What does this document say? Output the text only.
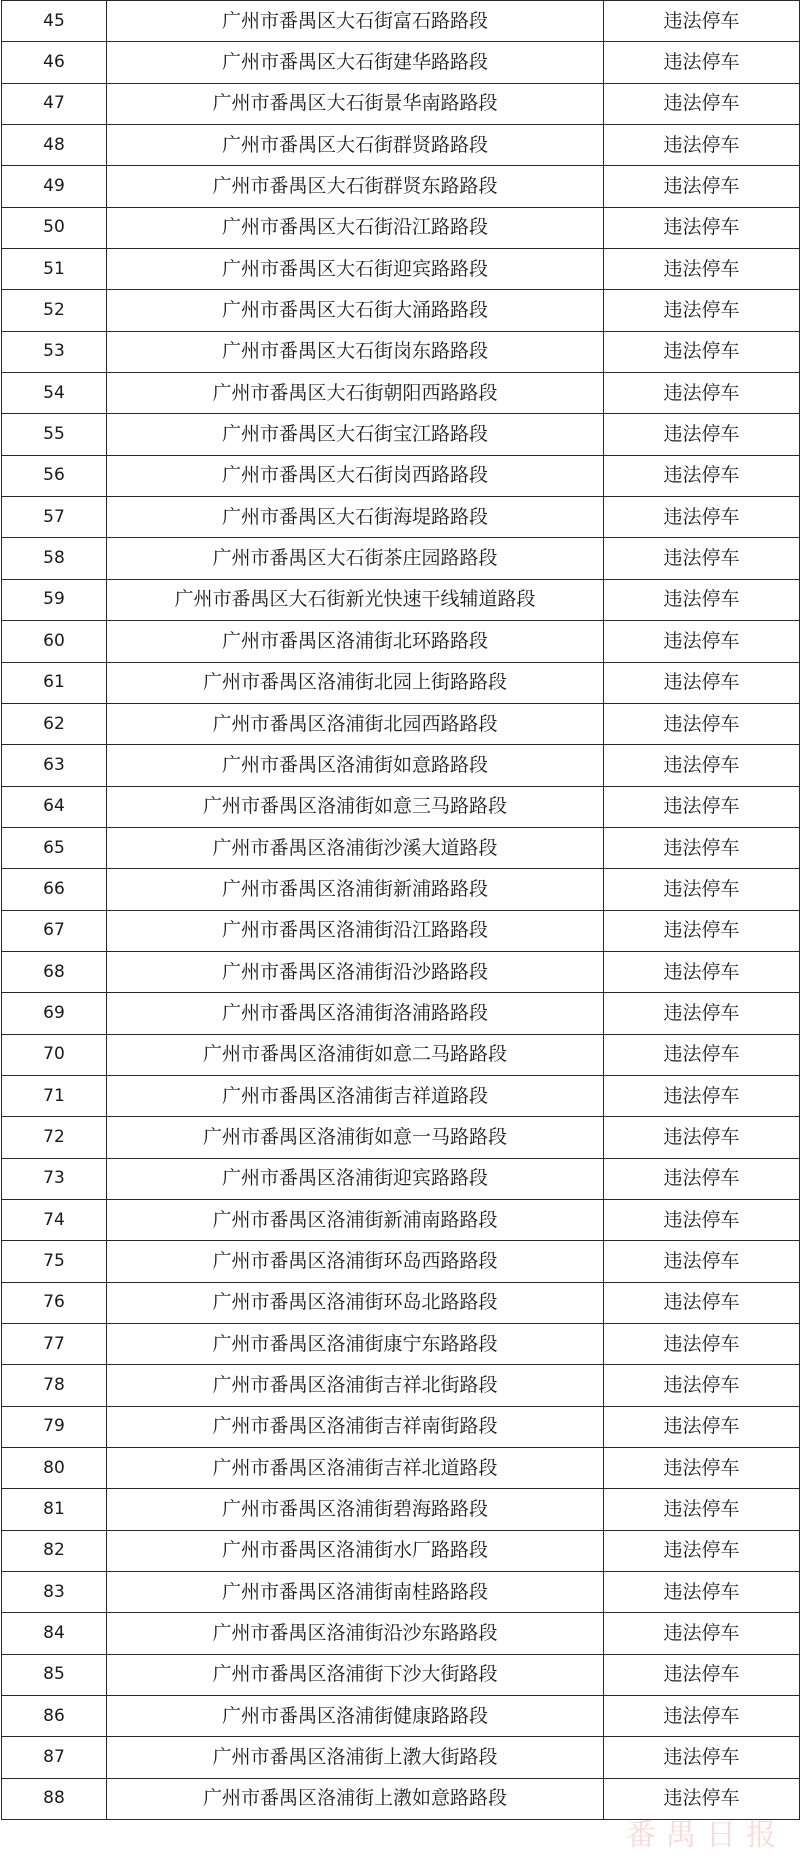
45	广州市番禺区大石街富石路路段	违法停车
46	广州市番禺区大石街建华路路段	违法停车
47	广州市番禺区大石街景华南路路段	违法停车
48	广州市番禺区大石街群贤路路段	违法停车
49	广州市番禺区大石街群贤东路路段	违法停车
50	广州市番禺区大石街沿江路路段	违法停车
51	广州市番禺区大石街迎宾路路段	违法停车
52	广州市番禺区大石街大涌路路段	违法停车
53	广州市番禺区大石街岗东路路段	违法停车
54	广州市番禺区大石街朝阳西路路段	违法停车
55	广州市番禺区大石街宝江路路段	违法停车
56	广州市番禺区大石街岗西路路段	违法停车
57	广州市番禺区大石街海堤路路段	违法停车
58	广州市番禺区大石街茶庄园路路段	违法停车
59	广州市番禺区大石街新光快速干线辅道路段	违法停车
60	广州市番禺区洛浦街北环路路段	违法停车
61	广州市番禺区洛浦街北园上街路路段	违法停车
62	广州市番禺区洛浦街北园西路路段	违法停车
63	广州市番禺区洛浦街如意路路段	违法停车
64	广州市番禺区洛浦街如意三马路路段	违法停车
65	广州市番禺区洛浦街沙溪大道路段	违法停车
66	广州市番禺区洛浦街新浦路路段	违法停车
67	广州市番禺区洛浦街沿江路路段	违法停车
68	广州市番禺区洛浦街沿沙路路段	违法停车
69	广州市番禺区洛浦街洛浦路路段	违法停车
70	广州市番禺区洛浦街如意二马路路段	违法停车
71	广州市番禺区洛浦街吉祥道路段	违法停车
72	广州市番禺区洛浦街如意一马路路段	违法停车
73	广州市番禺区洛浦街迎宾路路段	违法停车
74	广州市番禺区洛浦街新浦南路路段	违法停车
75	广州市番禺区洛浦街环岛西路路段	违法停车
76	广州市番禺区洛浦街环岛北路路段	违法停车
77	广州市番禺区洛浦街康宁东路路段	违法停车
78	广州市番禺区洛浦街吉祥北街路段	违法停车
79	广州市番禺区洛浦街吉祥南街路段	违法停车
80	广州市番禺区洛浦街吉祥北道路段	违法停车
81	广州市番禺区洛浦街碧海路路段	违法停车
82	广州市番禺区洛浦街水厂路路段	违法停车
83	广州市番禺区洛浦街南桂路路段	违法停车
84	广州市番禺区洛浦街沿沙东路路段	违法停车
85	广州市番禺区洛浦街下沙大街路段	违法停车
86	广州市番禺区洛浦街健康路路段	违法停车
87	广州市番禺区洛浦街上漖大街路段	违法停车
88	广州市番禺区洛浦街上漖如意路路段	违法停车
番禺日报
